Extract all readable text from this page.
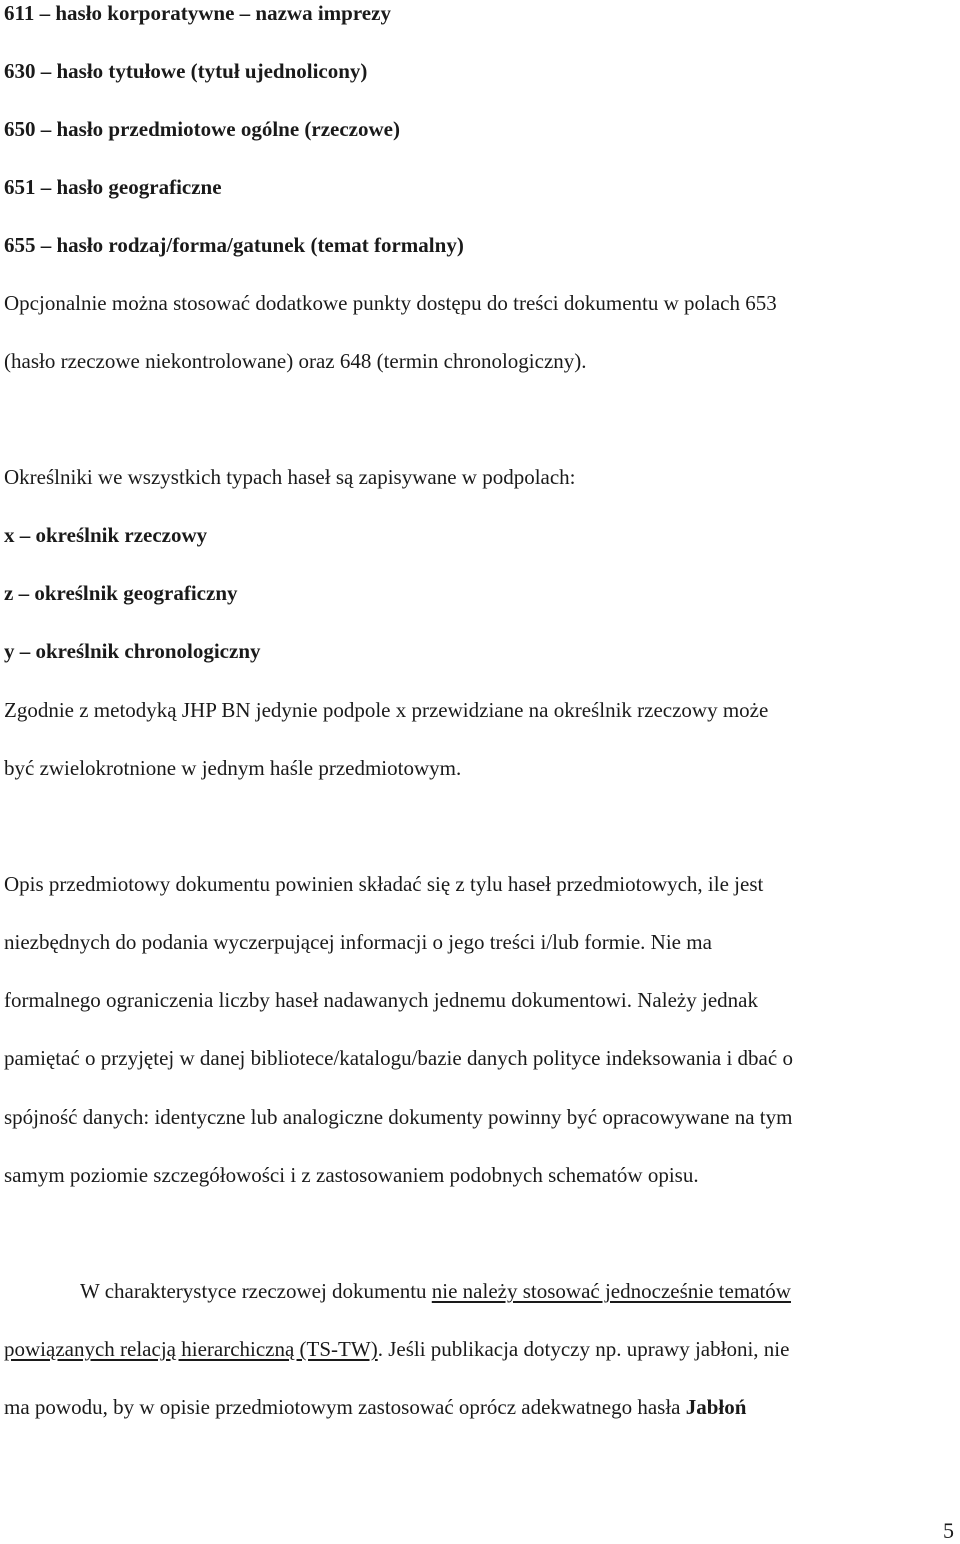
611 – hasło korporatywne – nazwa imprezy

630 – hasło tytułowe (tytuł ujednolicony)

650 – hasło przedmiotowe ogólne (rzeczowe)

651 – hasło geograficzne

655 – hasło rodzaj/forma/gatunek (temat formalny)

Opcjonalnie można stosować dodatkowe punkty dostępu do treści dokumentu w polach 653

(hasło rzeczowe niekontrolowane) oraz 648 (termin chronologiczny).

Określniki we wszystkich typach haseł są zapisywane w podpolach:

x – określnik rzeczowy

z – określnik geograficzny

y – określnik chronologiczny

Zgodnie z metodyką JHP BN jedynie podpole x przewidziane na określnik rzeczowy może

być zwielokrotnione w jednym haśle przedmiotowym.

Opis przedmiotowy dokumentu powinien składać się z tylu haseł przedmiotowych, ile jest

niezbędnych do podania wyczerpującej informacji o jego treści i/lub formie. Nie ma

formalnego ograniczenia liczby haseł nadawanych jednemu dokumentowi. Należy jednak

pamiętać o przyjętej w danej bibliotece/katalogu/bazie danych polityce indeksowania i dbać o

spójność danych: identyczne lub analogiczne dokumenty powinny być opracowywane na tym

samym poziomie szczegółowości i z zastosowaniem podobnych schematów opisu.

W charakterystyce rzeczowej dokumentu nie należy stosować jednocześnie tematów

powiązanych relacją hierarchiczną (TS-TW). Jeśli publikacja dotyczy np. uprawy jabłoni, nie

ma powodu, by w opisie przedmiotowym zastosować oprócz adekwatnego hasła Jabłoń

5
